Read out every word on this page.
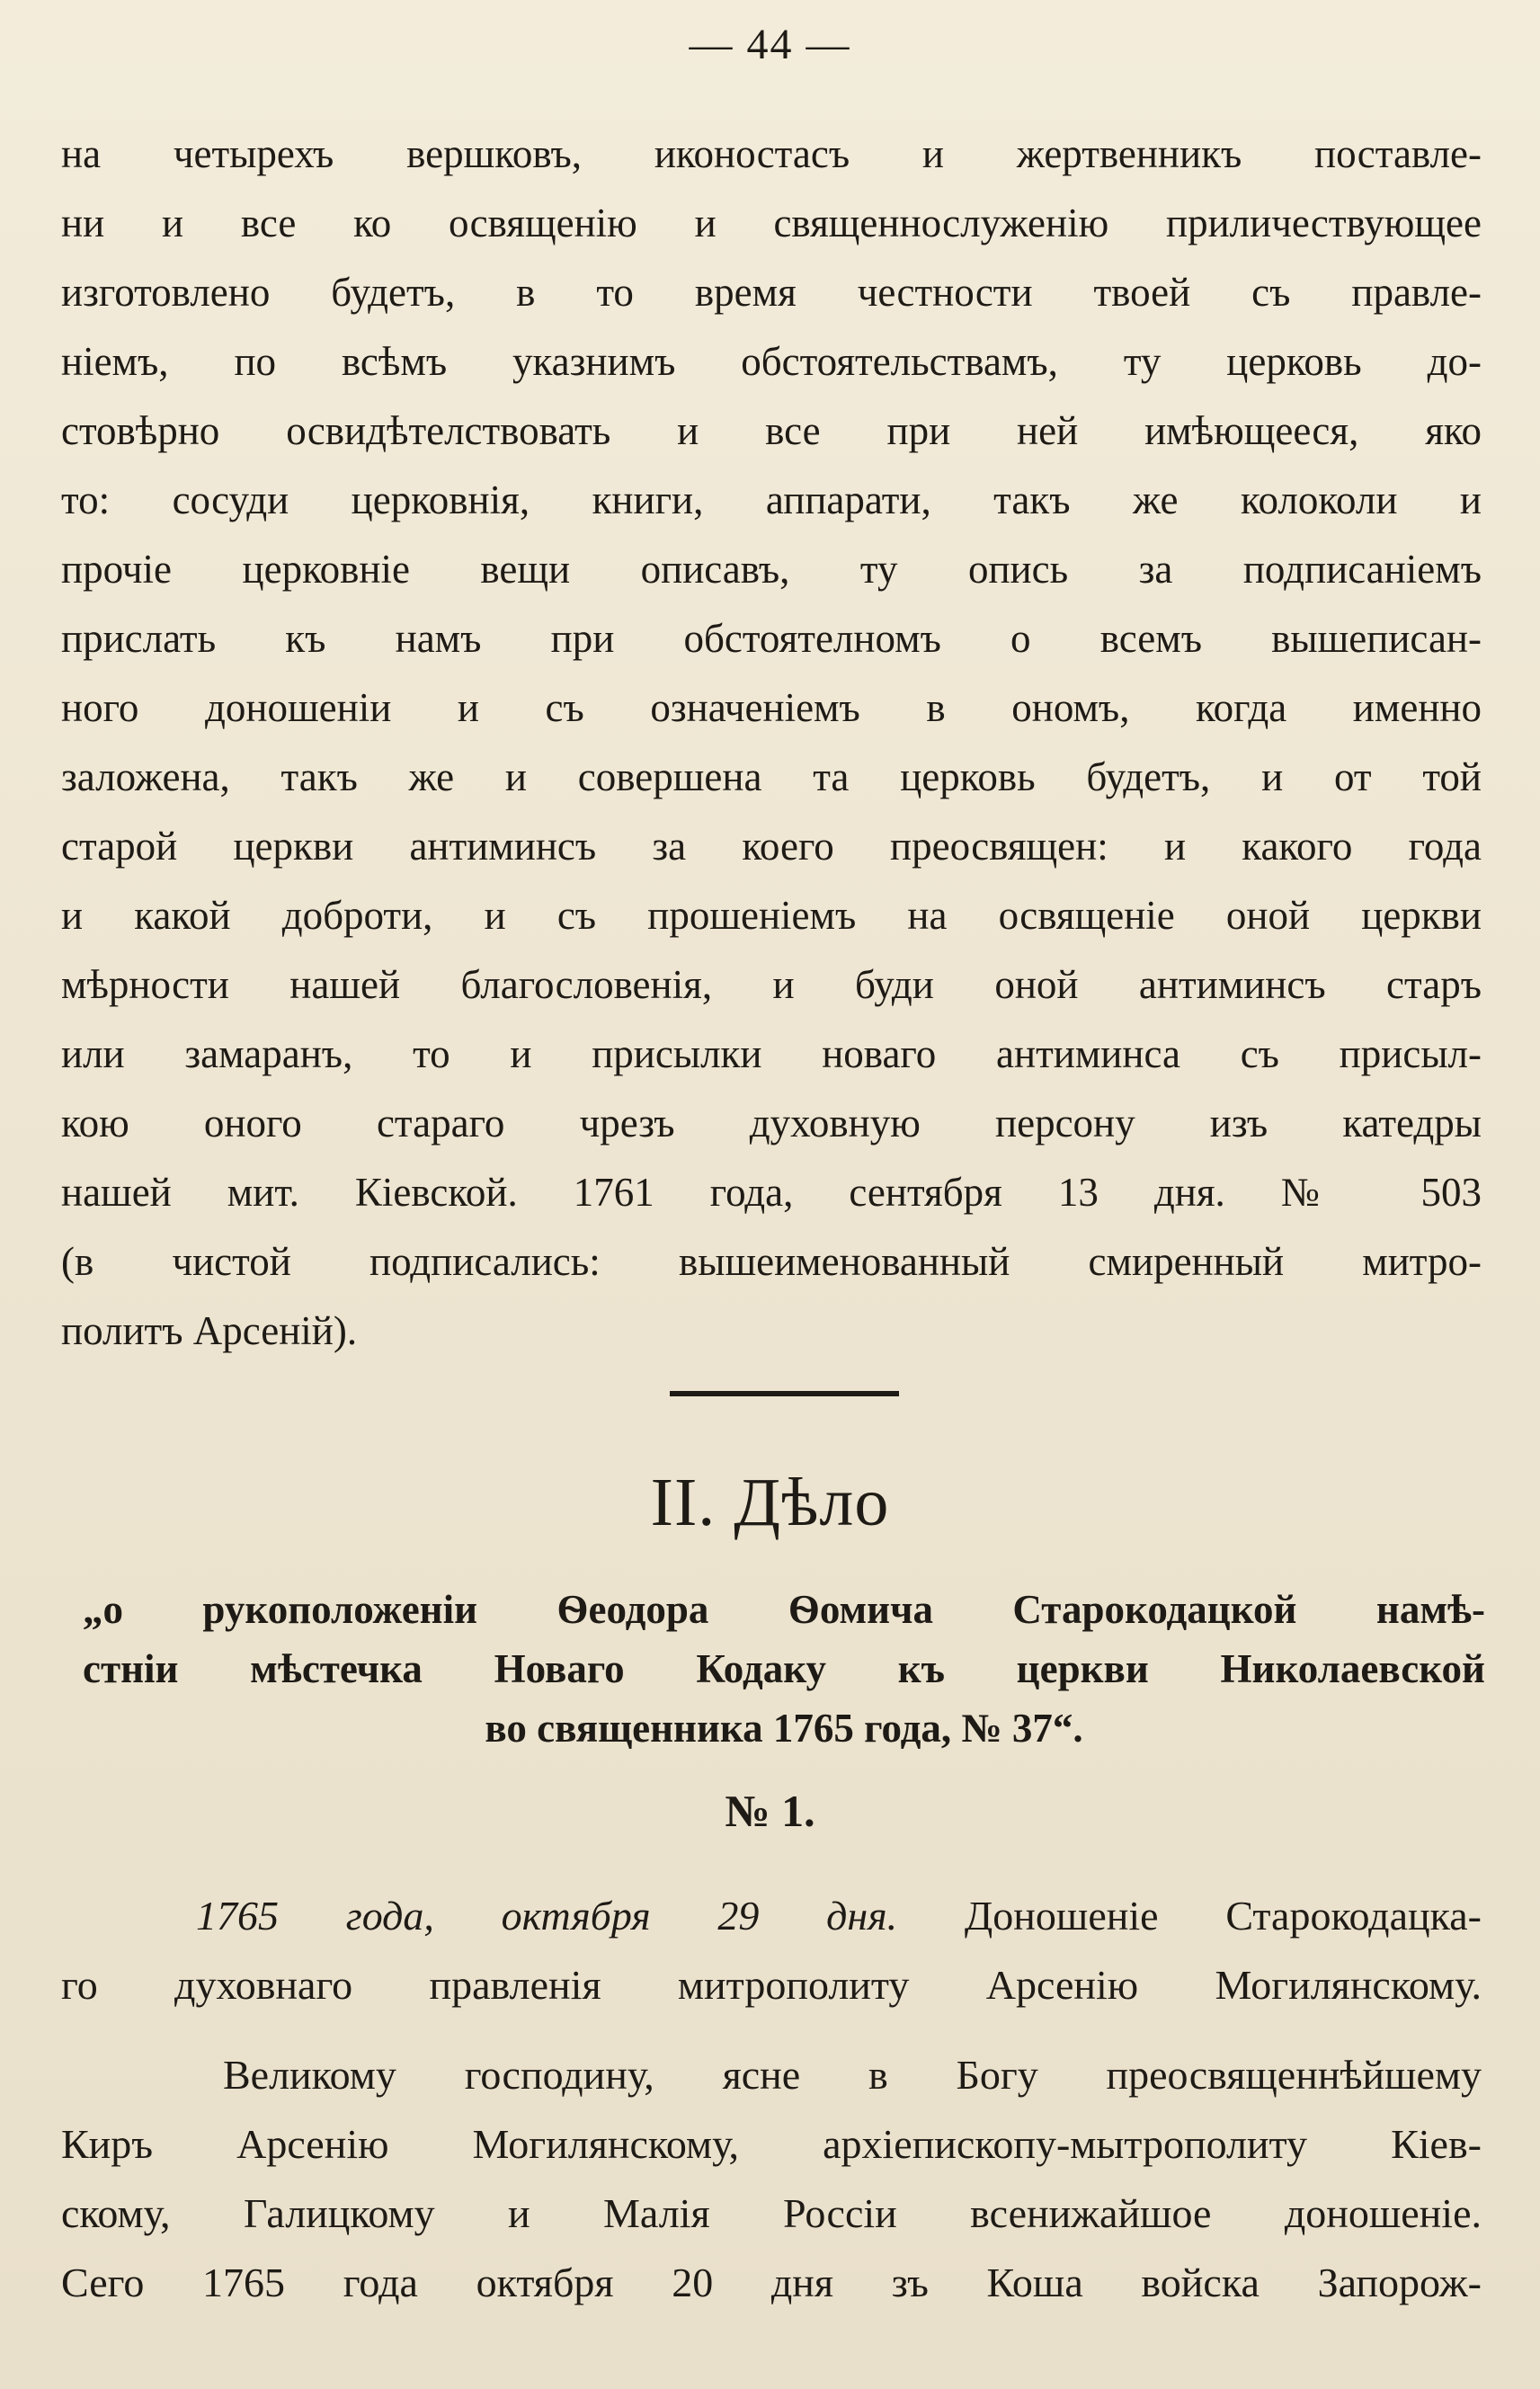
— 44 —
на четырехъ вершковъ, иконостасъ и жертвенникъ поставле-
ни и все ко освященію и священнослуженію приличествующее
изготовлено будетъ, в то время честности твоей съ правле-
ніемъ, по всѣмъ указнимъ обстоятельствамъ, ту церковь до-
стовѣрно освидѣтелствовать и все при ней имѣющееся, яко
то: сосуди церковнія, книги, аппарати, такъ же колоколи и
прочіе церковніе вещи описавъ, ту опись за подписаніемъ
прислать къ намъ при обстоятелномъ о всемъ вышеписан-
ного доношеніи и съ означеніемъ в ономъ, когда именно
заложена, такъ же и совершена та церковь будетъ, и от той
старой церкви антиминсъ за коего преосвящен: и какого года
и какой доброти, и съ прошеніемъ на освященіе оной церкви
мѣрности нашей благословенія, и буди оной антиминсъ старъ
или замаранъ, то и присылки новаго антиминса съ присыл-
кою оного стараго чрезъ духовную персону изъ катедры
нашей мит. Кіевской. 1761 года, сентября 13 дня. № 503
(в чистой подписались: вышеименованный смиренный митро-
политъ Арсеній).
II. Дѣло
„о рукоположеніи Ѳеодора Ѳомича Старокодацкой намѣ-
стніи мѣстечка Новаго Кодаку къ церкви Николаевской
во священника 1765 года, № 37“.
№ 1.
1765 года, октября 29 дня. Доношеніе Старокодацка-
го духовнаго правленія митрополиту Арсенію Могилянскому.
Великому господину, ясне в Богу преосвященнѣйшему
Киръ Арсенію Могилянскому, архіепископу-мытрополиту Кіев-
скому, Галицкому и Малія Россіи всенижайшое доношеніе.
Сего 1765 года октября 20 дня зъ Коша войска Запорож-
